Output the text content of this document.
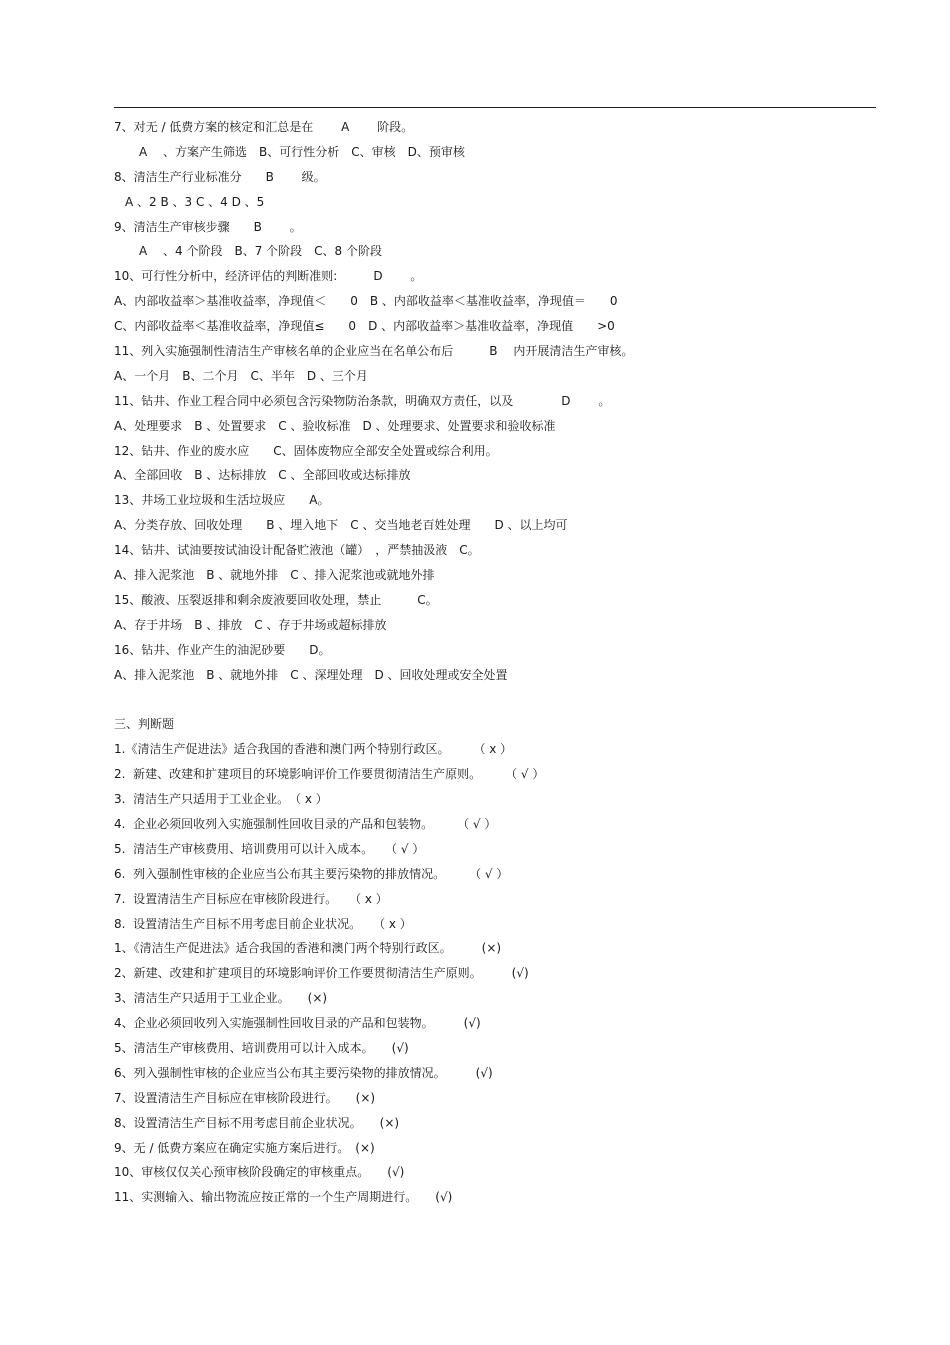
7、对无 / 低费方案的核定和汇总是在　　 A 　　阶段。
A 　、方案产生筛选　B、可行性分析　C、审核　D、预审核
8、清洁生产行业标准分　　B 　　级。
A 、2 B 、3 C 、4 D 、5
9、清洁生产审核步骤　　B 　　。
A 　、4 个阶段　B、7 个阶段　C、8 个阶段
10、可行性分析中，经济评估的判断准则:　　　D 　　。
A、内部收益率＞基准收益率，净现值＜　　0　B 、内部收益率＜基准收益率，净现值＝　　0
C、内部收益率＜基准收益率，净现值≤　　0　D 、内部收益率＞基准收益率，净现值　　>0
11、列入实施强制性清洁生产审核名单的企业应当在名单公布后　　　B 　内开展清洁生产审核。
A、一个月　B、二个月　C、半年　D 、三个月
11、钻井、作业工程合同中必须包含污染物防治条款，明确双方责任，以及　　　　D 　　。
A、处理要求　B 、处置要求　C 、验收标准　D 、处理要求、处置要求和验收标准
12、钻井、作业的废水应　　C、固体废物应全部安全处置或综合利用。
A、全部回收　B 、达标排放　C 、全部回收或达标排放
13、井场工业垃圾和生活垃圾应　　A。
A、分类存放、回收处理　　B 、埋入地下　C 、交当地老百姓处理　　D 、以上均可
14、钻井、试油要按试油设计配备贮液池（罐）　，严禁抽汲液　C。
A、排入泥浆池　B 、就地外排　C 、排入泥浆池或就地外排
15、酸液、压裂返排和剩余废液要回收处理，禁止　　　C。
A、存于井场　B 、排放　C 、存于井场或超标排放
16、钻井、作业产生的油泥砂要　　D。
A、排入泥浆池　B 、就地外排　C 、深埋处理　D 、回收处理或安全处置
三、判断题
1.《清洁生产促进法》适合我国的香港和澳门两个特别行政区。　　　（ x ）
2.  新建、改建和扩建项目的环境影响评价工作要贯彻清洁生产原则。　　　（ √ ）
3.  清洁生产只适用于工业企业。　（ x ）
4.  企业必须回收列入实施强制性回收目录的产品和包装物。　　　（ √ ）
5.  清洁生产审核费用、培训费用可以计入成本。　　（ √ ）
6.  列入强制性审核的企业应当公布其主要污染物的排放情况。　　　（ √ ）
7.  设置清洁生产目标应在审核阶段进行。　　（ x ）
8.  设置清洁生产目标不用考虑目前企业状况。　　（ x ）
1、《清洁生产促进法》适合我国的香港和澳门两个特别行政区。　　　(×)
2、新建、改建和扩建项目的环境影响评价工作要贯彻清洁生产原则。　　　(√)
3、清洁生产只适用于工业企业。　　(×)
4、企业必须回收列入实施强制性回收目录的产品和包装物。　　　(√)
5、清洁生产审核费用、培训费用可以计入成本。　　(√)
6、列入强制性审核的企业应当公布其主要污染物的排放情况。　　　(√)
7、设置清洁生产目标应在审核阶段进行。　　(×)
8、设置清洁生产目标不用考虑目前企业状况。　　(×)
9、无 / 低费方案应在确定实施方案后进行。　(×)
10、审核仅仅关心预审核阶段确定的审核重点。　　(√)
11、实测输入、输出物流应按正常的一个生产周期进行。　　(√)
